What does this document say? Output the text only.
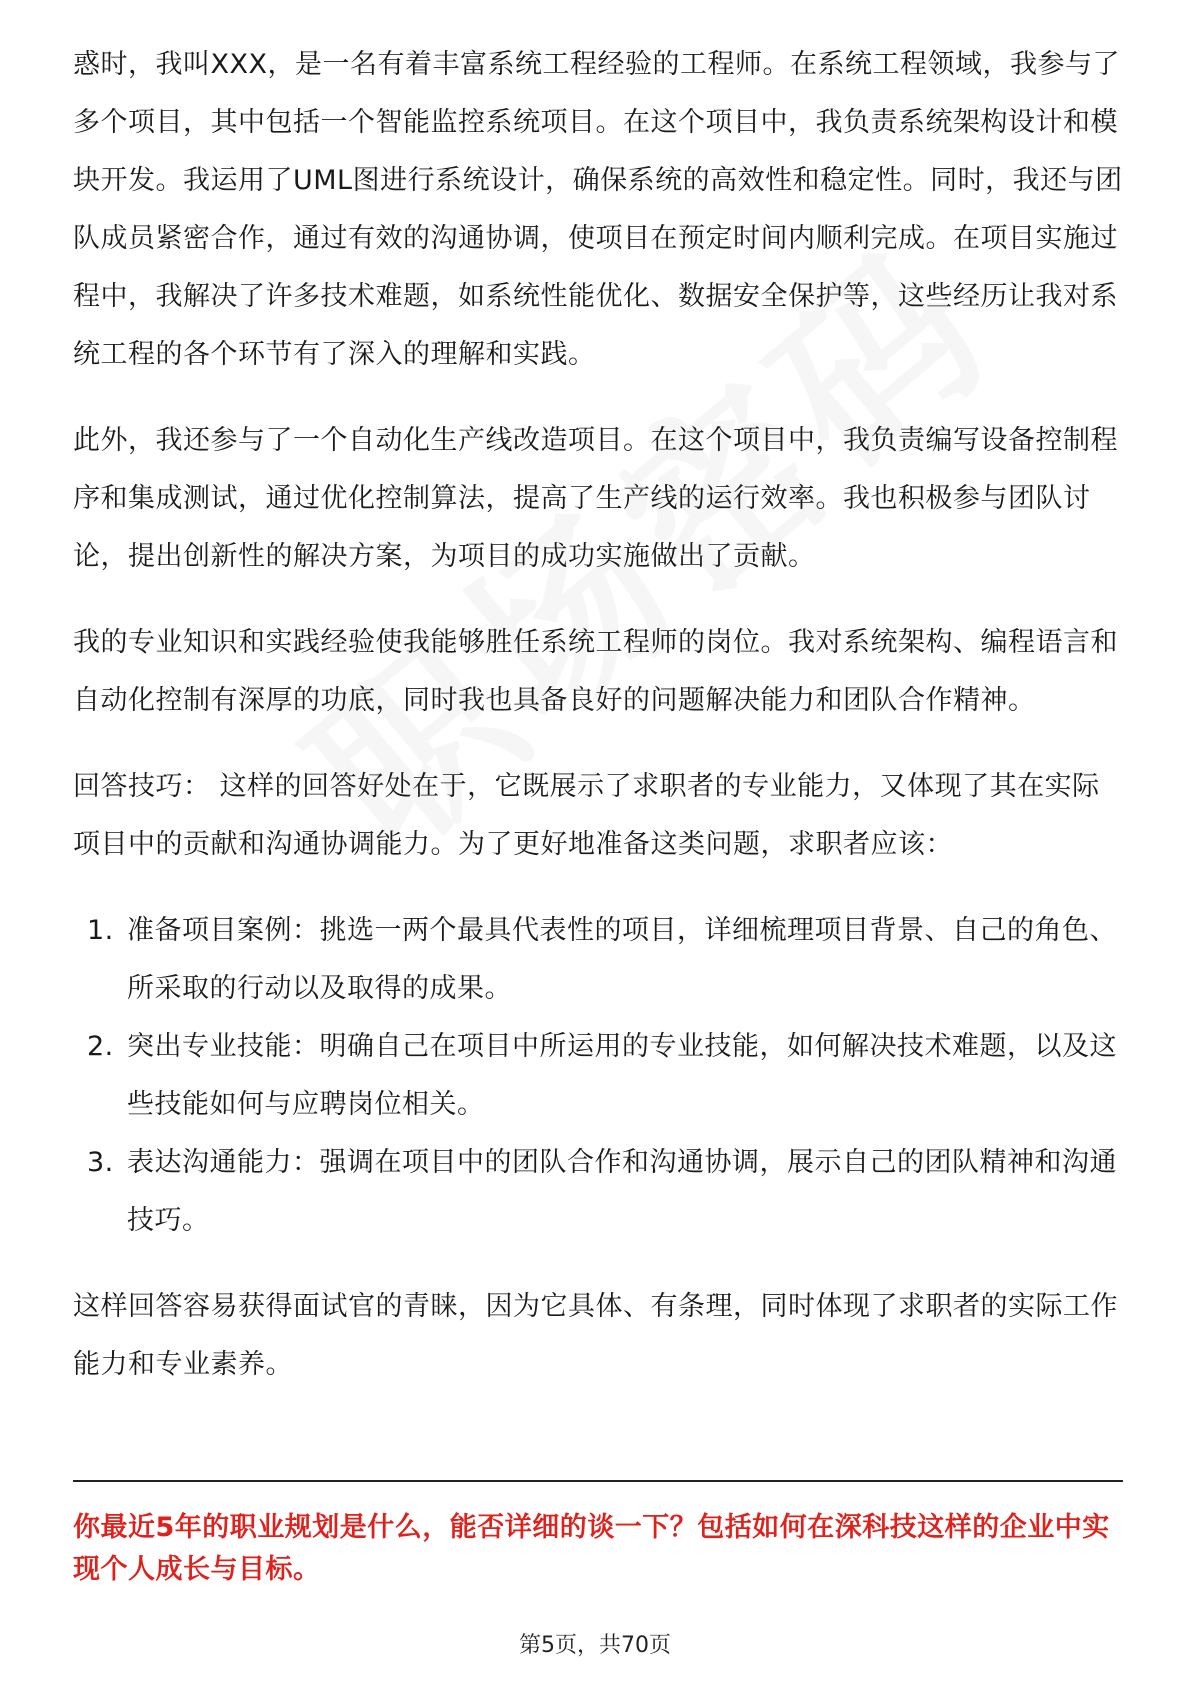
惑时，我叫XXX，是一名有着丰富系统工程经验的工程师。在系统工程领域，我参与了多个项目，其中包括一个智能监控系统项目。在这个项目中，我负责系统架构设计和模块开发。我运用了UML图进行系统设计，确保系统的高效性和稳定性。同时，我还与团队成员紧密合作，通过有效的沟通协调，使项目在预定时间内顺利完成。在项目实施过程中，我解决了许多技术难题，如系统性能优化、数据安全保护等，这些经历让我对系统工程的各个环节有了深入的理解和实践。

此外，我还参与了一个自动化生产线改造项目。在这个项目中，我负责编写设备控制程序和集成测试，通过优化控制算法，提高了生产线的运行效率。我也积极参与团队讨论，提出创新性的解决方案，为项目的成功实施做出了贡献。

我的专业知识和实践经验使我能够胜任系统工程师的岗位。我对系统架构、编程语言和自动化控制有深厚的功底，同时我也具备良好的问题解决能力和团队合作精神。

回答技巧： 这样的回答好处在于，它既展示了求职者的专业能力，又体现了其在实际项目中的贡献和沟通协调能力。为了更好地准备这类问题，求职者应该：

1. 准备项目案例：挑选一两个最具代表性的项目，详细梳理项目背景、自己的角色、所采取的行动以及取得的成果。
2. 突出专业技能：明确自己在项目中所运用的专业技能，如何解决技术难题，以及这些技能如何与应聘岗位相关。
3. 表达沟通能力：强调在项目中的团队合作和沟通协调，展示自己的团队精神和沟通技巧。

这样回答容易获得面试官的青睐，因为它具体、有条理，同时体现了求职者的实际工作能力和专业素养。

你最近5年的职业规划是什么，能否详细的谈一下？包括如何在深科技这样的企业中实现个人成长与目标。
第5页，共70页
